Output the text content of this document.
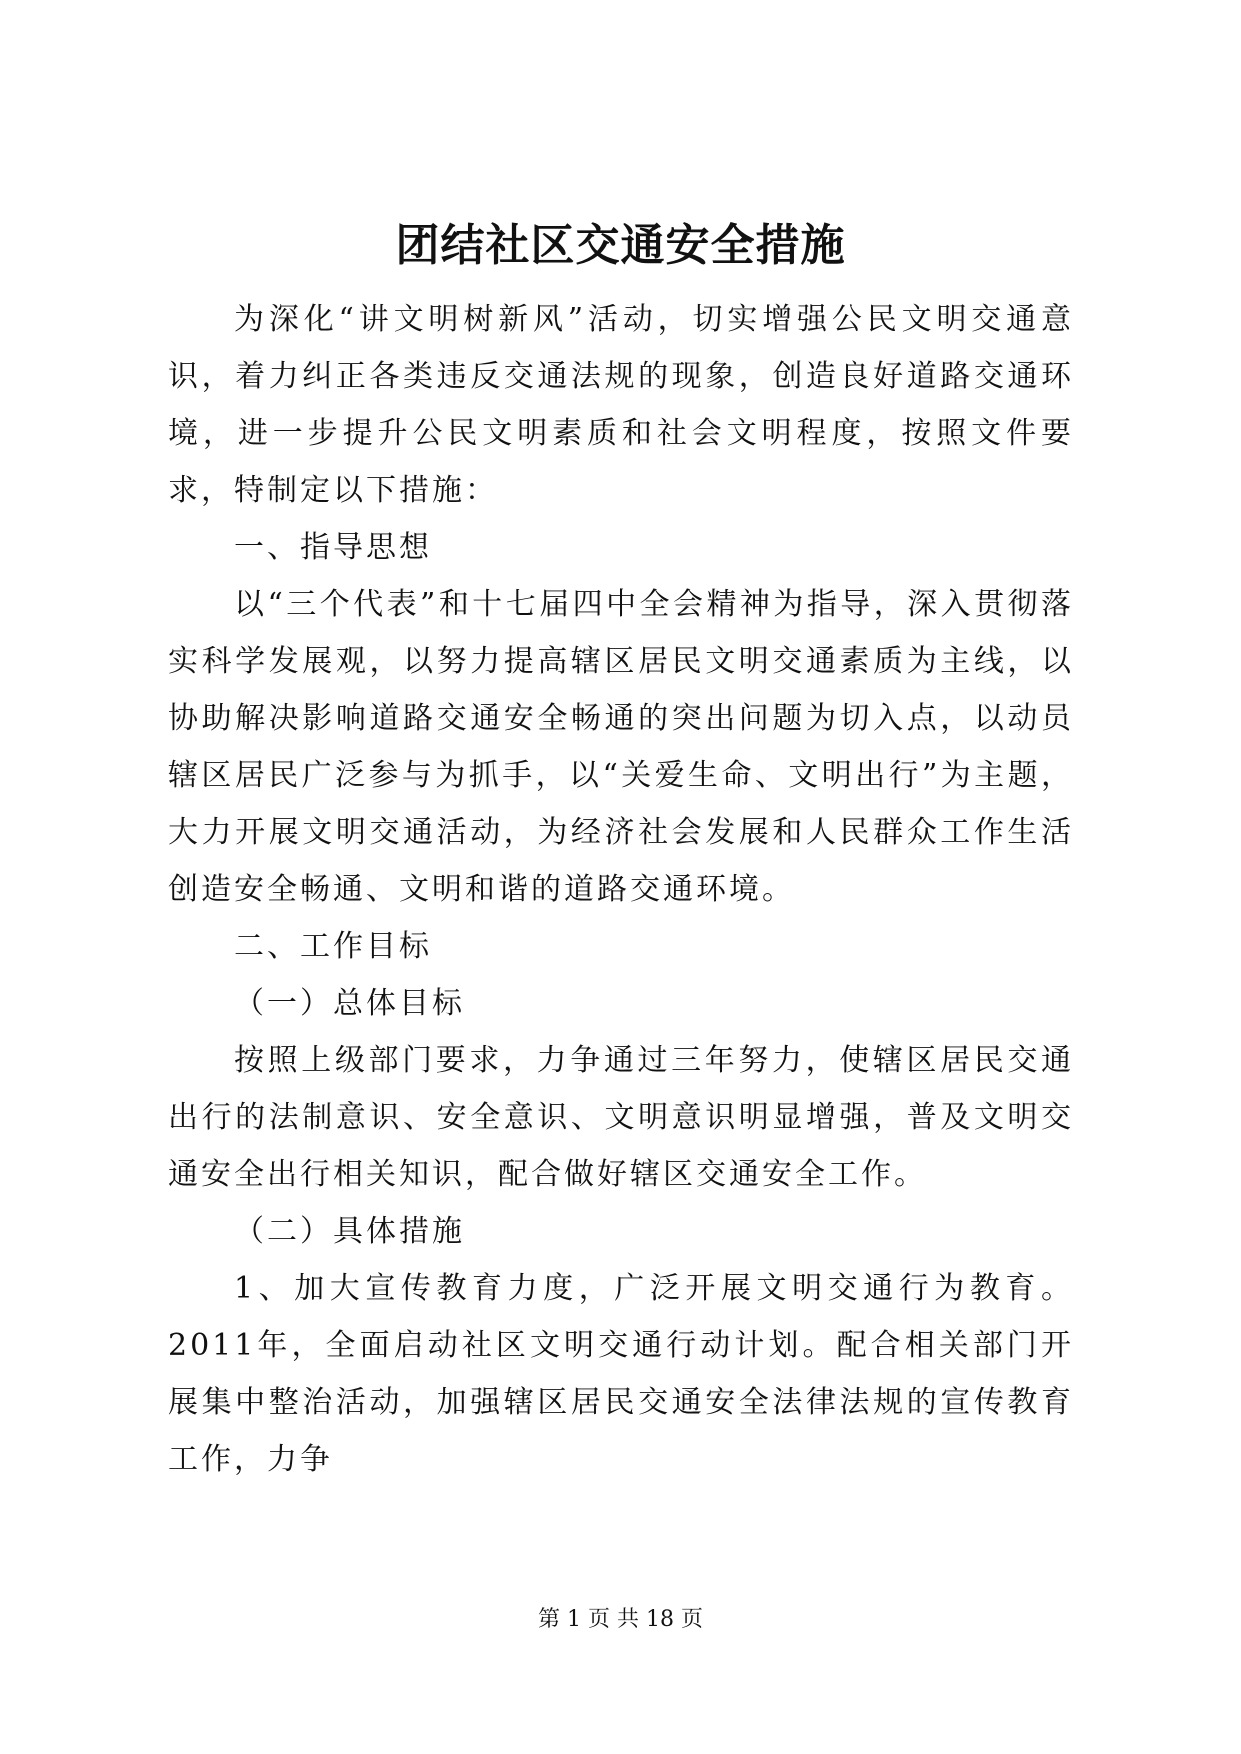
团结社区交通安全措施

为深化“讲文明树新风”活动，切实增强公民文明交通意识，着力纠正各类违反交通法规的现象，创造良好道路交通环境，进一步提升公民文明素质和社会文明程度，按照文件要求，特制定以下措施：

一、指导思想

以“三个代表”和十七届四中全会精神为指导，深入贯彻落实科学发展观，以努力提高辖区居民文明交通素质为主线，以协助解决影响道路交通安全畅通的突出问题为切入点，以动员辖区居民广泛参与为抓手，以“关爱生命、文明出行”为主题，大力开展文明交通活动，为经济社会发展和人民群众工作生活创造安全畅通、文明和谐的道路交通环境。

二、工作目标

（一）总体目标

按照上级部门要求，力争通过三年努力，使辖区居民交通出行的法制意识、安全意识、文明意识明显增强，普及文明交通安全出行相关知识，配合做好辖区交通安全工作。

（二）具体措施

1、加大宣传教育力度，广泛开展文明交通行为教育。2011年，全面启动社区文明交通行动计划。配合相关部门开展集中整治活动，加强辖区居民交通安全法律法规的宣传教育工作，力争

第 1 页 共 18 页
